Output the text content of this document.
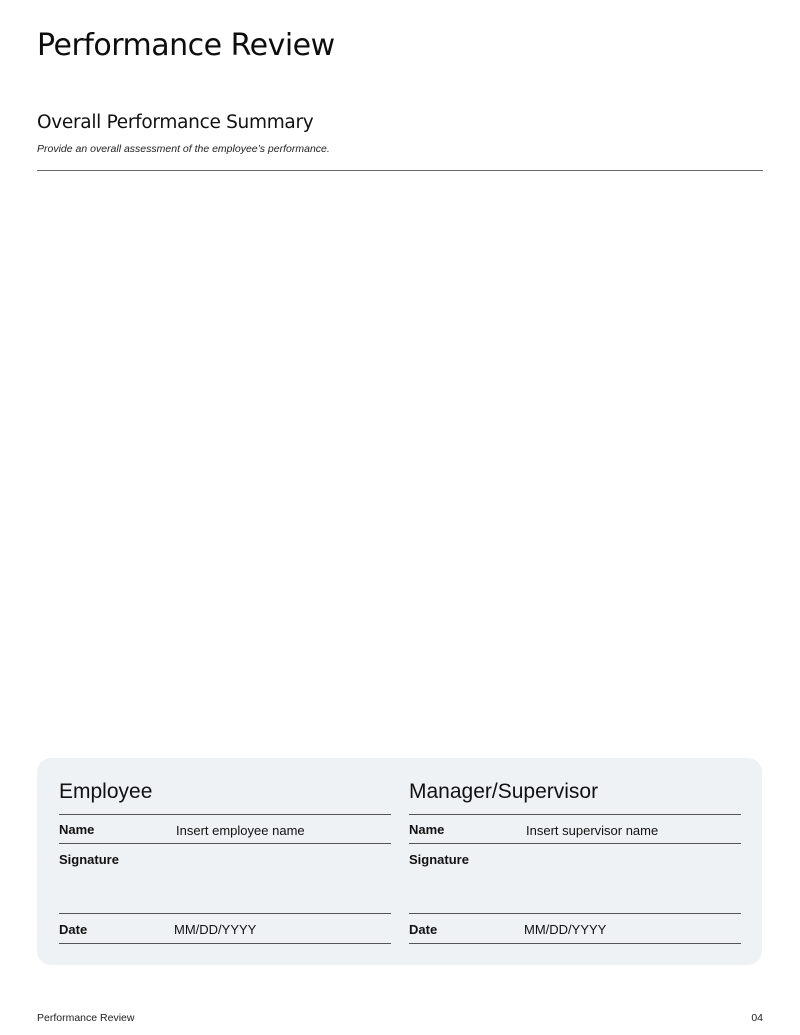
Performance Review
Overall Performance Summary
Provide an overall assessment of the employee’s performance.
Employee
Name	Insert employee name
Signature
Date	MM/DD/YYYY
Manager/Supervisor
Name	Insert supervisor name
Signature
Date	MM/DD/YYYY
Performance Review	04
